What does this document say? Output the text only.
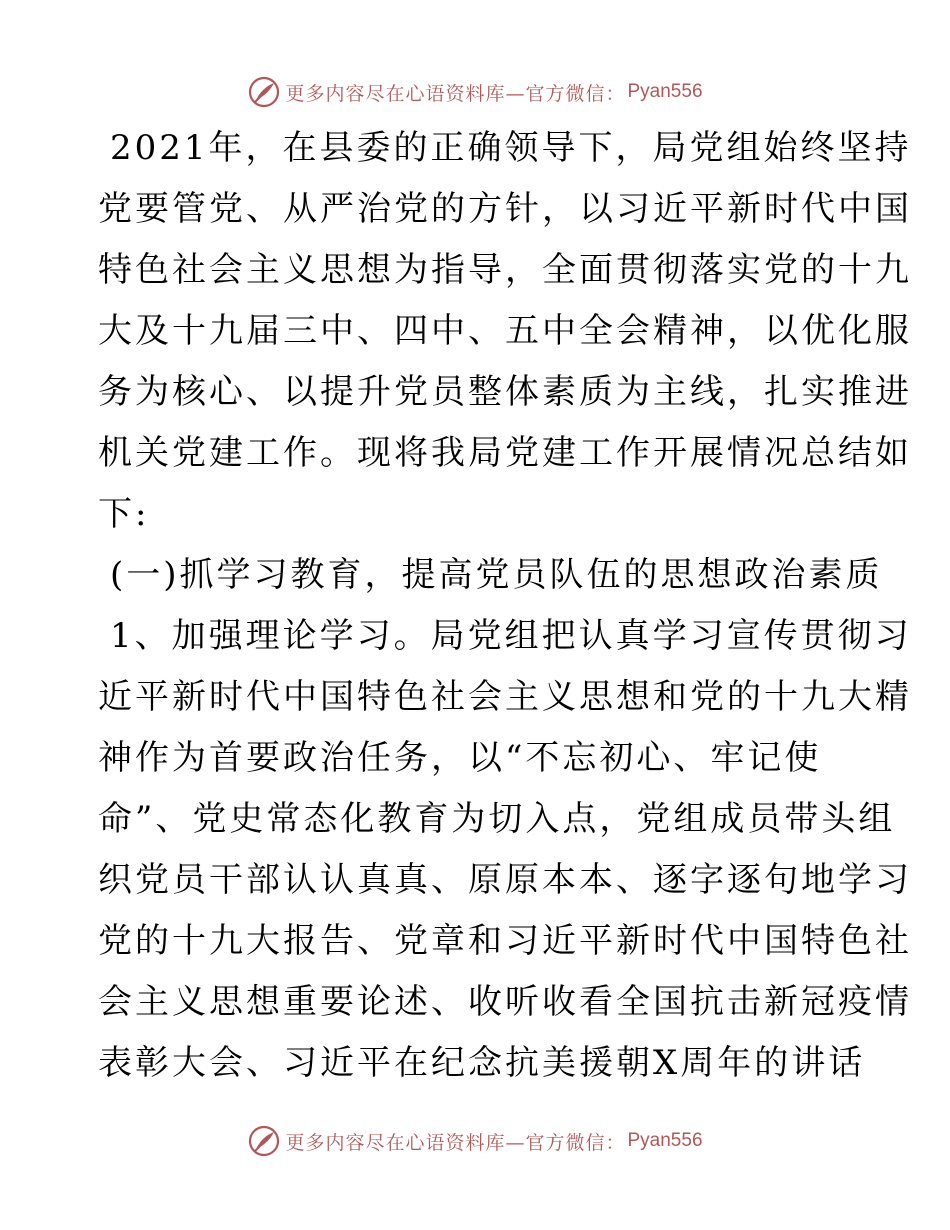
更多内容尽在心语资料库—官方微信： Pyan556
2021年，在县委的正确领导下，局党组始终坚持
党要管党、从严治党的方针，以习近平新时代中国
特色社会主义思想为指导，全面贯彻落实党的十九
大及十九届三中、四中、五中全会精神，以优化服
务为核心、以提升党员整体素质为主线，扎实推进
机关党建工作。现将我局党建工作开展情况总结如
下:
(一)抓学习教育，提高党员队伍的思想政治素质
1、加强理论学习。局党组把认真学习宣传贯彻习
近平新时代中国特色社会主义思想和党的十九大精
神作为首要政治任务，以“不忘初心、牢记使
命”、党史常态化教育为切入点，党组成员带头组
织党员干部认认真真、原原本本、逐字逐句地学习
党的十九大报告、党章和习近平新时代中国特色社
会主义思想重要论述、收听收看全国抗击新冠疫情
表彰大会、习近平在纪念抗美援朝X周年的讲话
更多内容尽在心语资料库—官方微信： Pyan556
